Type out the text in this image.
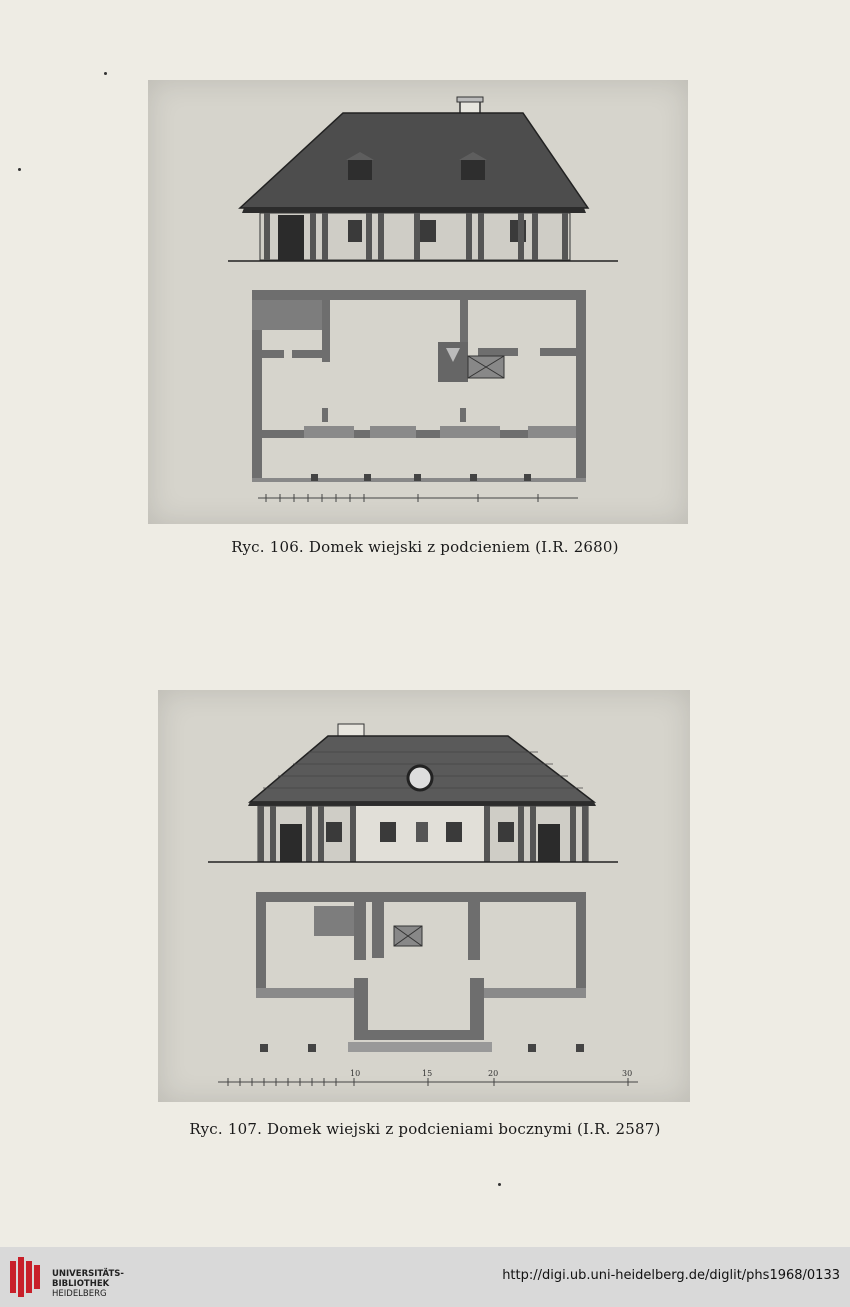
Ryc. 106. Domek wiejski z podcieniem (I.R. 2680)
10	15	20	30
Ryc. 107. Domek wiejski z podcieniami bocznymi (I.R. 2587)
UNIVERSITÄTS-
BIBLIOTHEK
HEIDELBERG
http://digi.ub.uni-heidelberg.de/diglit/phs1968/0133
